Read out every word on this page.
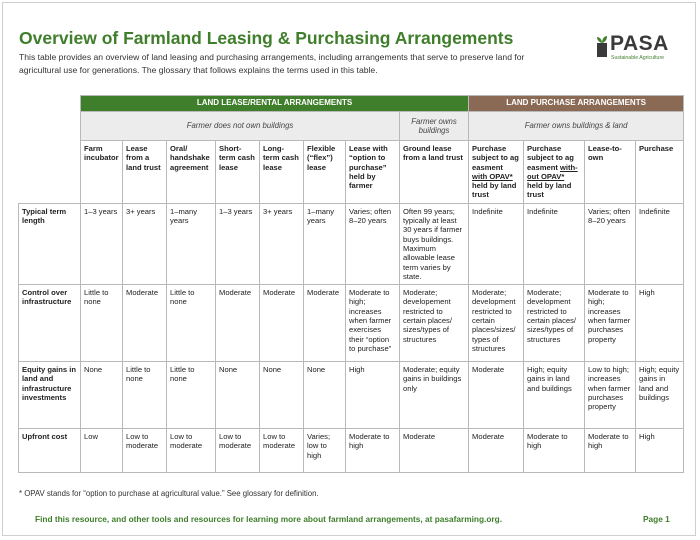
Overview of Farmland Leasing & Purchasing Arrangements
This table provides an overview of land leasing and purchasing arrangements, including arrangements that serve to preserve land for agricultural use for generations. The glossary that follows explains the terms used in this table.
PASA
Sustainable Agriculture
	LAND LEASE/RENTAL ARRANGEMENTS								LAND PURCHASE ARRANGEMENTS			
	Farmer does not own buildings							Farmer owns buildings	Farmer owns buildings & land			
	Farm incubator	Lease from a land trust	Oral/ handshake agreement	Short-term cash lease	Long-term cash lease	Flexible (“flex”) lease	Lease with “option to purchase” held by farmer	Ground lease from a land trust	Purchase subject to ag easment with OPAV* held by land trust	Purchase subject to ag easment with-out OPAV* held by land trust	Lease-to-own	Purchase
Typical term length	1–3 years	3+ years	1–many years	1–3 years	3+ years	1–many years	Varies; often 8–20 years	Often 99 years; typically at least 30 years if farmer buys buildings. Maximum allowable lease term varies by state.	Indefinite	Indefinite	Varies; often 8–20 years	Indefinite
Control over infrastructure	Little to none	Moderate	Little to none	Moderate	Moderate	Moderate	Moderate to high; increases when farmer exercises their “option to purchase”	Moderate; developement restricted to certain places/ sizes/types of structures	Moderate; development restricted to certain places/sizes/ types of structures	Moderate; development restricted to certain places/ sizes/types of structures	Moderate to high; increases when farmer purchases property	High
Equity gains in land and infrastructure investments	None	Little to none	Little to none	None	None	None	High	Moderate; equity gains in buildings only	Moderate	High; equity gains in land and buildings	Low to high; increases when farmer purchases property	High; equity gains in land and buildings
Upfront cost	Low	Low to moderate	Low to moderate	Low to moderate	Low to moderate	Varies; low to high	Moderate to high	Moderate	Moderate	Moderate to high	Moderate to high	High
* OPAV stands for “option to purchase at agricultural value.” See glossary for definition.
Find this resource, and other tools and resources for learning more about farmland arrangements, at pasafarming.org.	Page 1
